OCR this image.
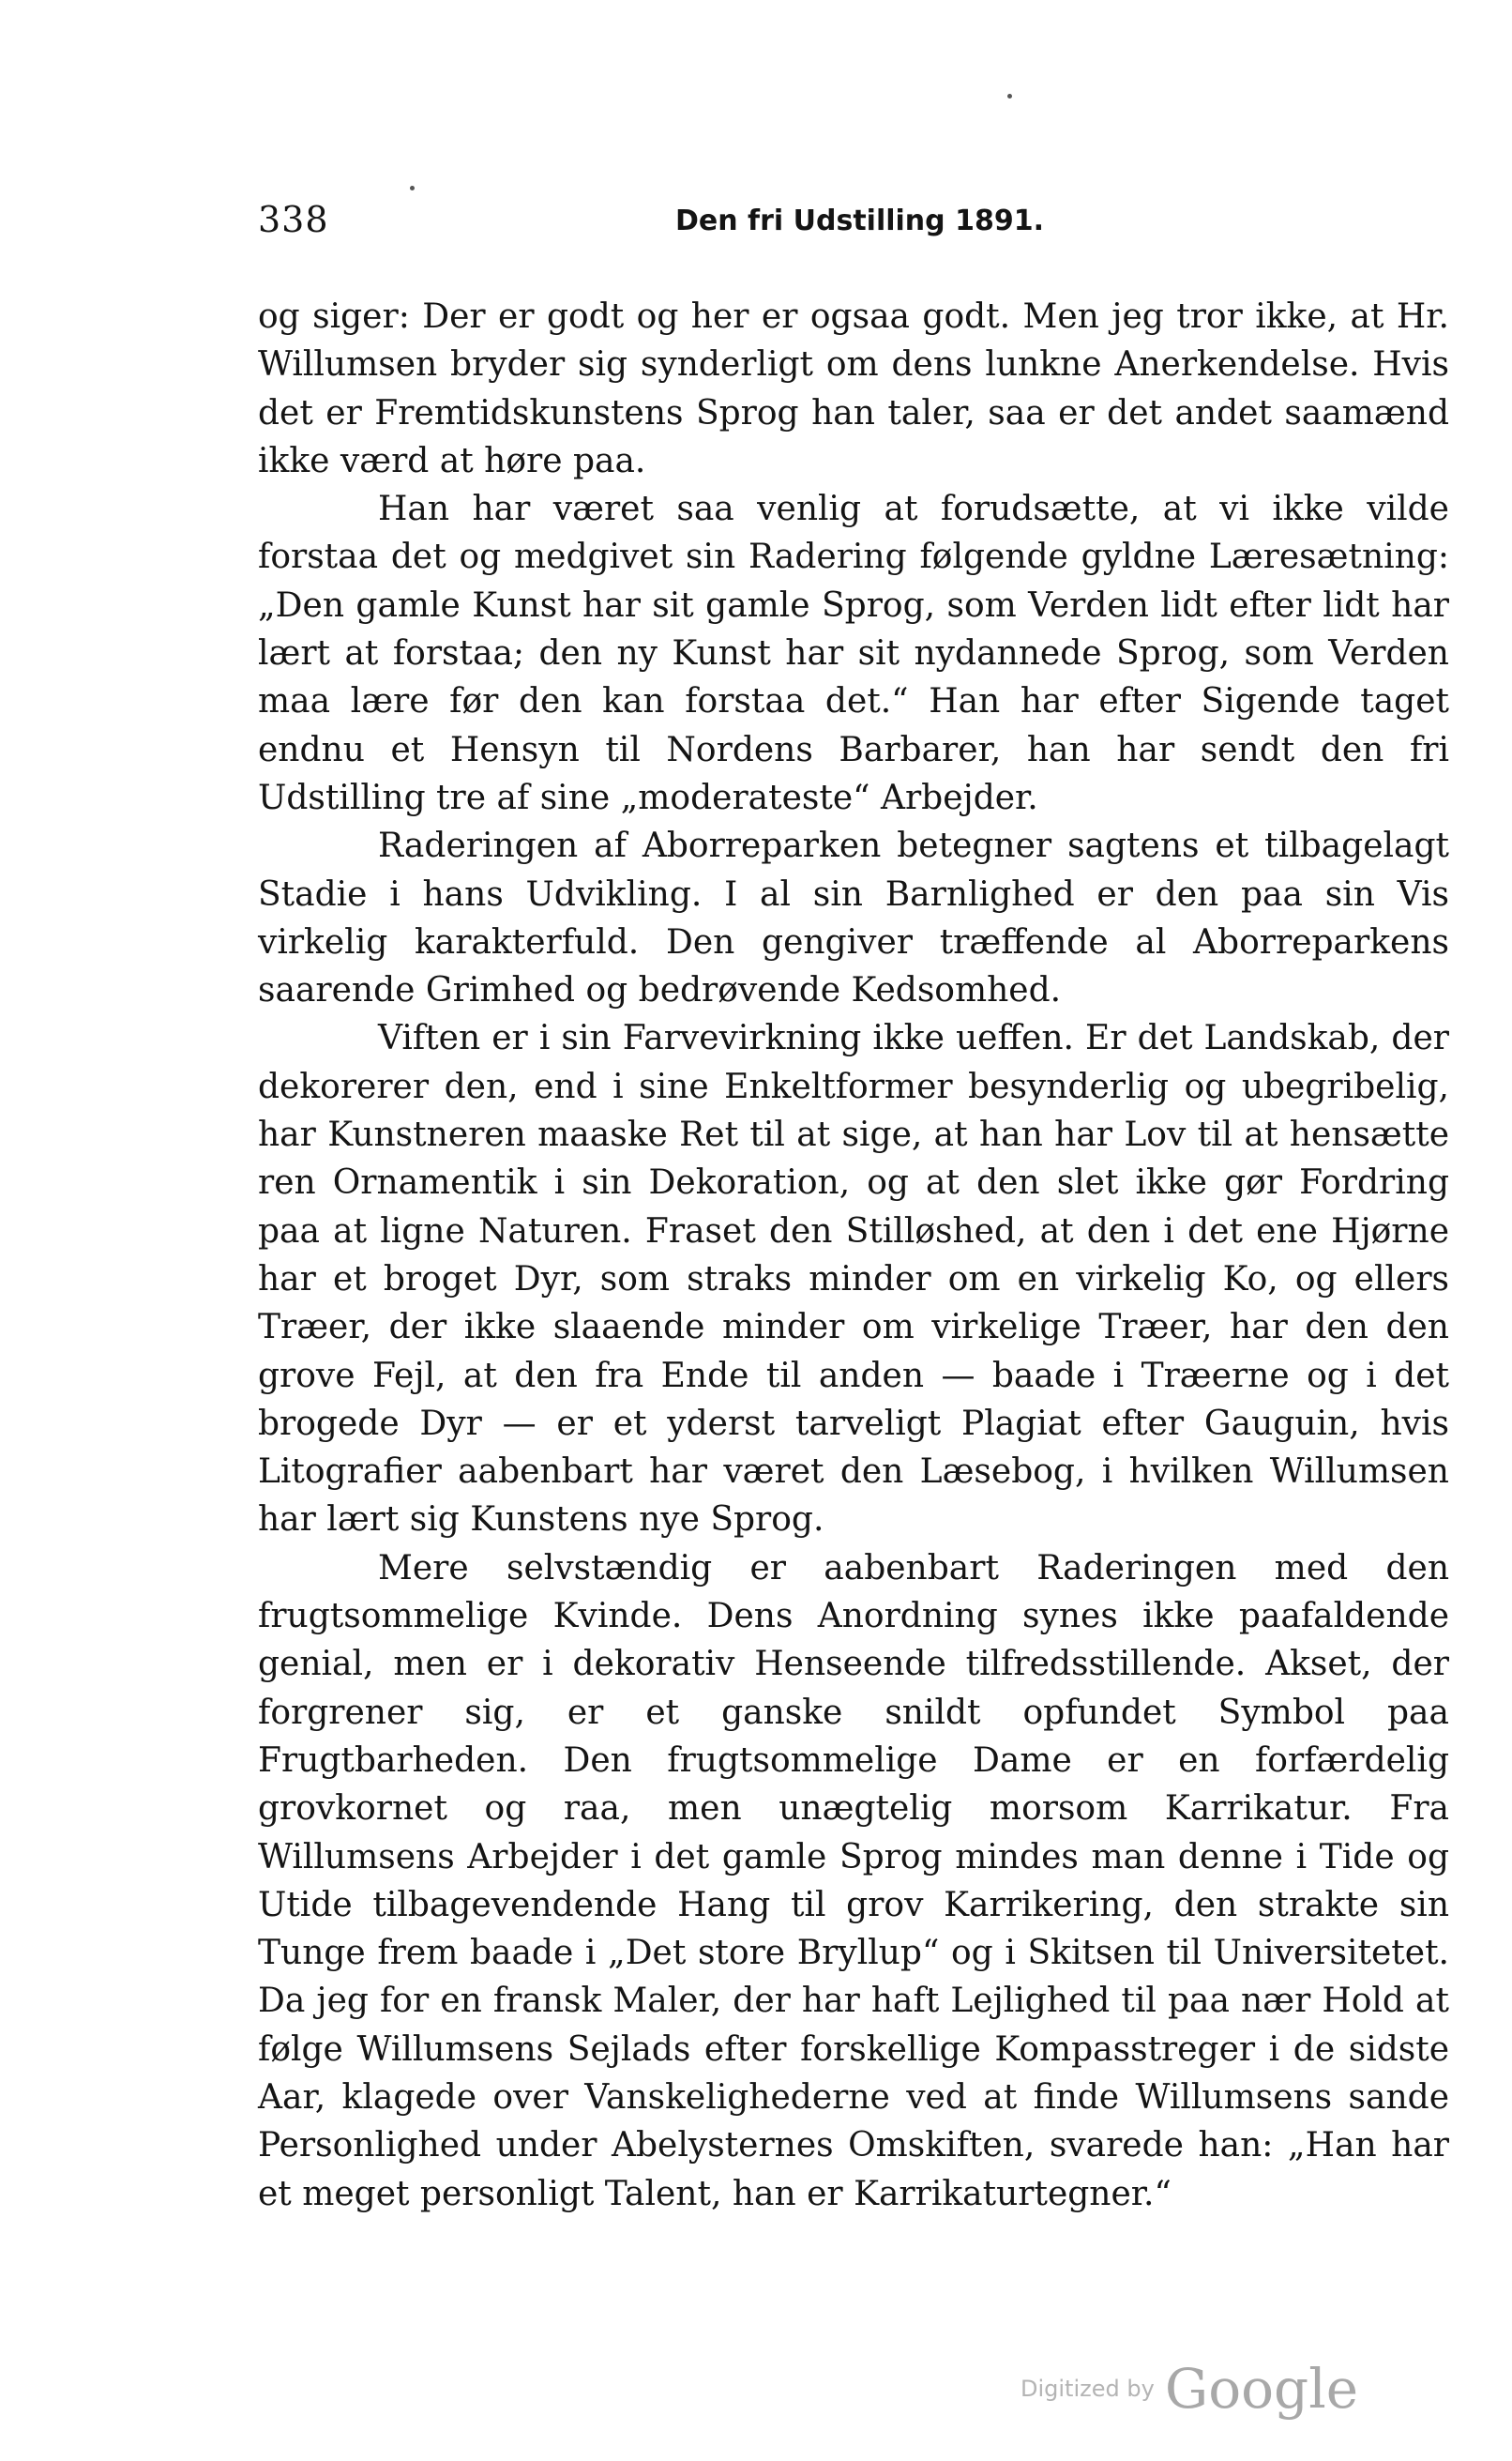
338	Den fri Udstilling 1891.

og siger: Der er godt og her er ogsaa godt. Men jeg tror ikke, at Hr. Willumsen bryder sig synderligt om dens lunkne Anerkendelse. Hvis det er Fremtidskunstens Sprog han taler, saa er det andet saamænd ikke værd at høre paa.

Han har været saa venlig at forudsætte, at vi ikke vilde forstaa det og medgivet sin Radering følgende gyldne Læresætning: „Den gamle Kunst har sit gamle Sprog, som Verden lidt efter lidt har lært at forstaa; den ny Kunst har sit nydannede Sprog, som Verden maa lære før den kan forstaa det.“ Han har efter Sigende taget endnu et Hensyn til Nordens Barbarer, han har sendt den fri Udstilling tre af sine „moderateste“ Arbejder.

Raderingen af Aborreparken betegner sagtens et tilbagelagt Stadie i hans Udvikling. I al sin Barnlighed er den paa sin Vis virkelig karakterfuld. Den gengiver træffende al Aborreparkens saarende Grimhed og bedrøvende Kedsomhed.

Viften er i sin Farvevirkning ikke ueffen. Er det Landskab, der dekorerer den, end i sine Enkeltformer besynderlig og ubegribelig, har Kunstneren maaske Ret til at sige, at han har Lov til at hensætte ren Ornamentik i sin Dekoration, og at den slet ikke gør Fordring paa at ligne Naturen. Fraset den Stilløshed, at den i det ene Hjørne har et broget Dyr, som straks minder om en virkelig Ko, og ellers Træer, der ikke slaaende minder om virkelige Træer, har den den grove Fejl, at den fra Ende til anden — baade i Træerne og i det brogede Dyr — er et yderst tarveligt Plagiat efter Gauguin, hvis Litografier aabenbart har været den Læsebog, i hvilken Willumsen har lært sig Kunstens nye Sprog.

Mere selvstændig er aabenbart Raderingen med den frugtsommelige Kvinde. Dens Anordning synes ikke paafaldende genial, men er i dekorativ Henseende tilfredsstillende. Akset, der forgrener sig, er et ganske snildt opfundet Symbol paa Frugtbarheden. Den frugtsommelige Dame er en forfærdelig grovkornet og raa, men unægtelig morsom Karrikatur. Fra Willumsens Arbejder i det gamle Sprog mindes man denne i Tide og Utide tilbagevendende Hang til grov Karrikering, den strakte sin Tunge frem baade i „Det store Bryllup“ og i Skitsen til Universitetet. Da jeg for en fransk Maler, der har haft Lejlighed til paa nær Hold at følge Willumsens Sejlads efter forskellige Kompasstreger i de sidste Aar, klagede over Vanskelighederne ved at finde Willumsens sande Personlighed under Abelysternes Omskiften, svarede han: „Han har et meget personligt Talent, han er Karrikaturtegner.“

Digitized by Google
